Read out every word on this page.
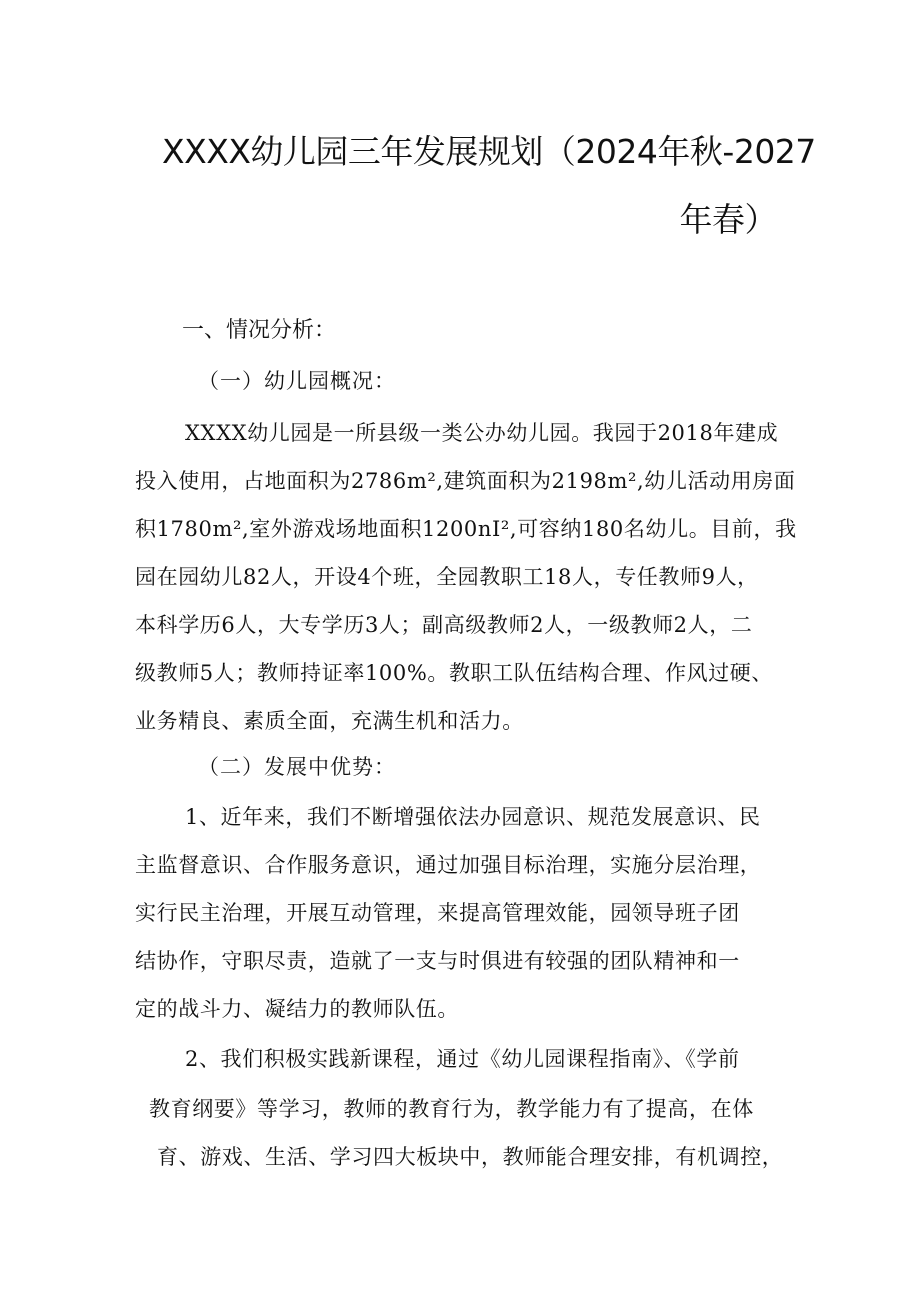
XXXX幼儿园三年发展规划（2024年秋-2027
年春）
一、情况分析：
（一）幼儿园概况：
XXXX幼儿园是一所县级一类公办幼儿园。我园于2018年建成
投入使用，占地面积为2786m²,建筑面积为2198m²,幼儿活动用房面
积1780m²,室外游戏场地面积1200nI²,可容纳180名幼儿。目前，我
园在园幼儿82人，开设4个班，全园教职工18人，专任教师9人，
本科学历6人，大专学历3人；副高级教师2人，一级教师2人，二
级教师5人；教师持证率100%。教职工队伍结构合理、作风过硬、
业务精良、素质全面，充满生机和活力。
（二）发展中优势：
1、近年来，我们不断增强依法办园意识、规范发展意识、民
主监督意识、合作服务意识，通过加强目标治理，实施分层治理，
实行民主治理，开展互动管理，来提高管理效能，园领导班子团
结协作，守职尽责，造就了一支与时俱进有较强的团队精神和一
定的战斗力、凝结力的教师队伍。
2、我们积极实践新课程，通过《幼儿园课程指南》、《学前
教育纲要》等学习，教师的教育行为，教学能力有了提高，在体
育、游戏、生活、学习四大板块中，教师能合理安排，有机调控，
